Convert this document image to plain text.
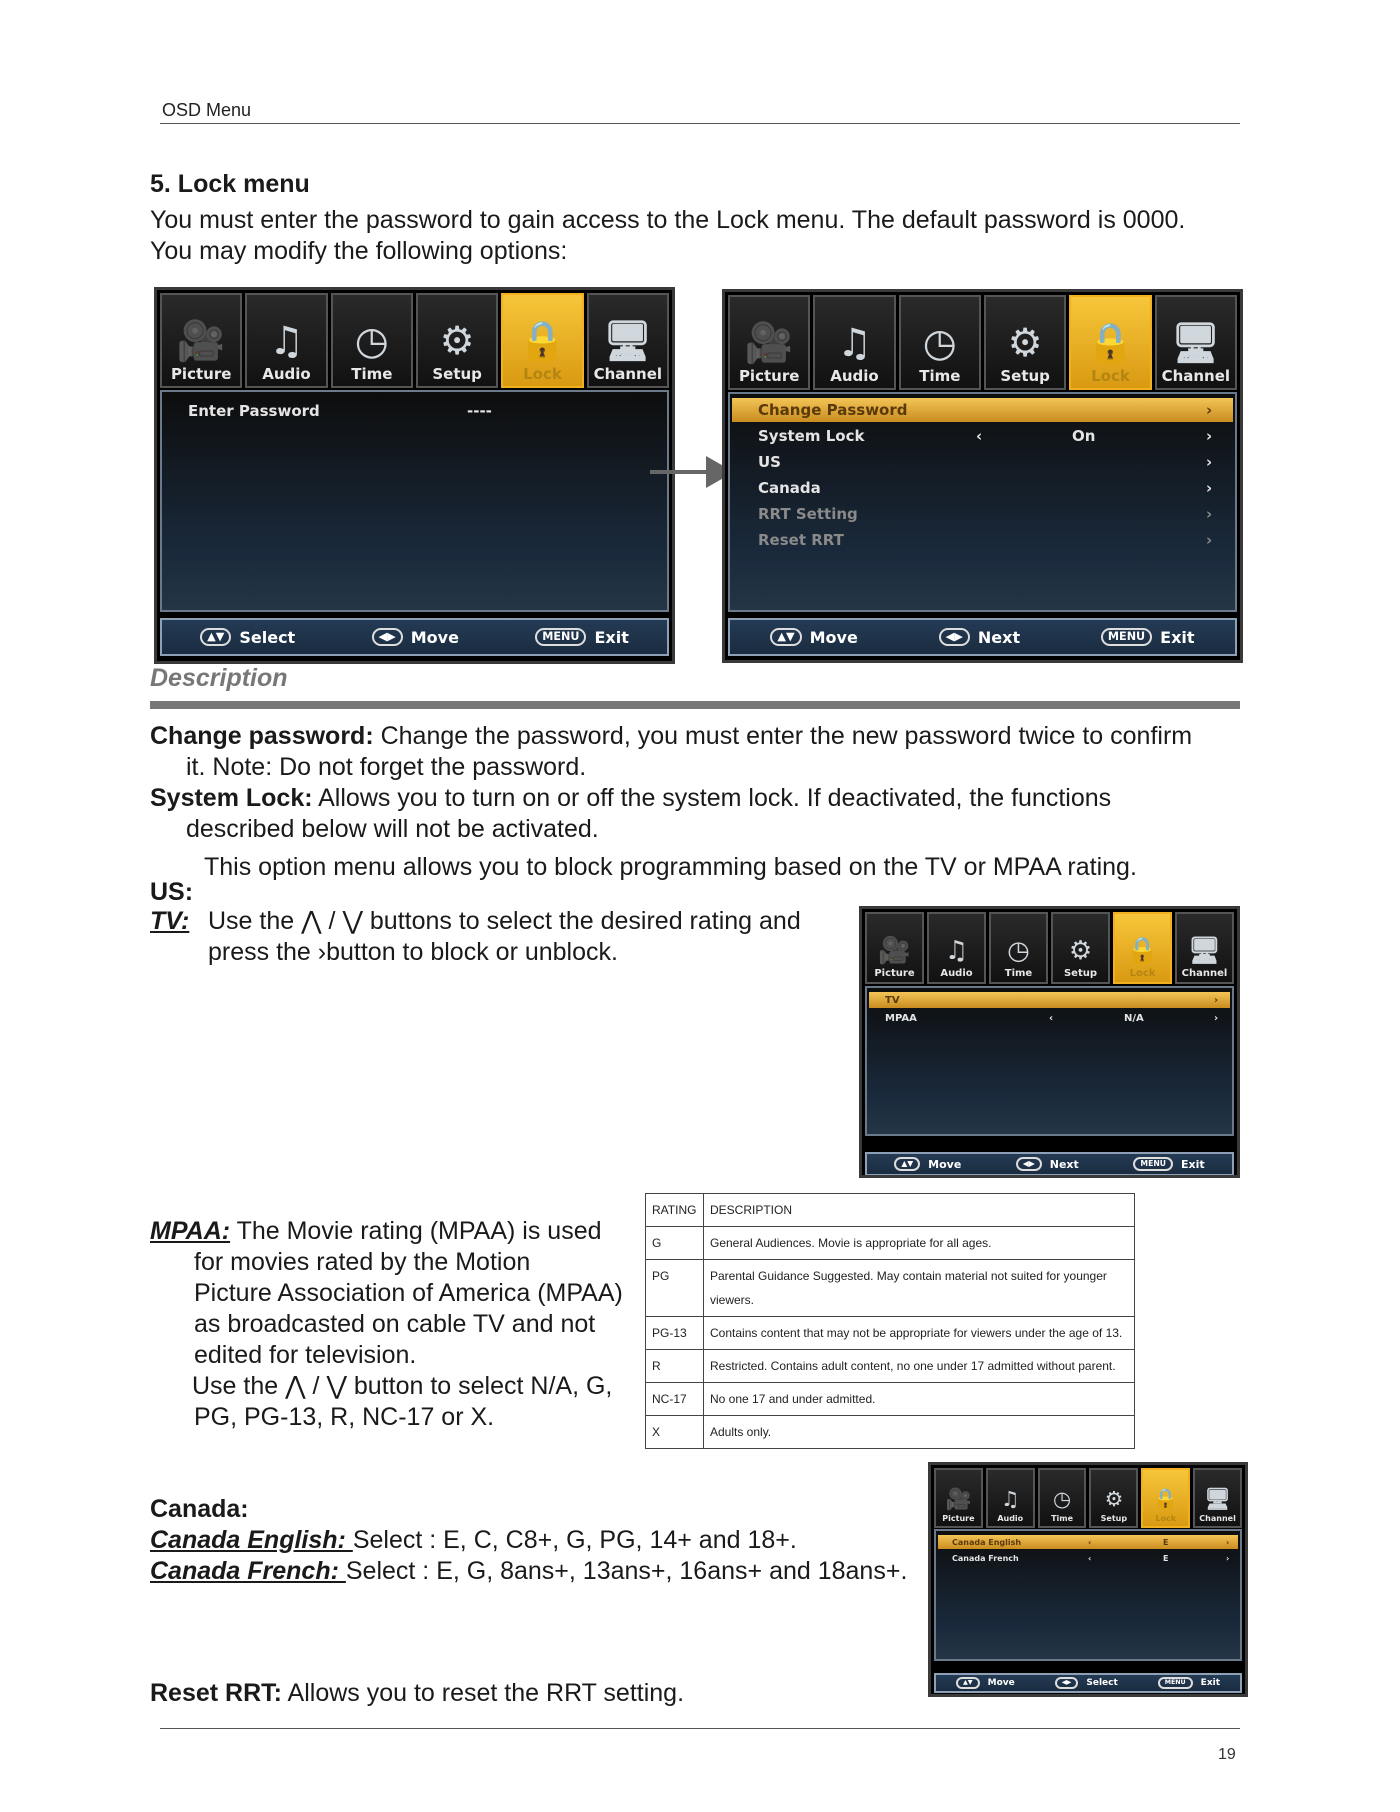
OSD Menu
5. Lock menu
You must enter the password to gain access to the Lock menu. The default password is 0000.
You may modify the following options:
🎥
Picture
♫
Audio
◷
Time
⚙
Setup
🔒
Lock
🖥
Channel
Enter Password	----
▲▼ Select	◀▶ Move	MENU Exit
🎥
Picture
♫
Audio
◷
Time
⚙
Setup
🔒
Lock
🖥
Channel
Change Password	›
System Lock	‹	On	›
US	›
Canada	›
RRT Setting	›
Reset RRT	›
▲▼ Move	◀▶ Next	MENU Exit
Description
Change password: Change the password, you must enter the new password twice to confirm
it. Note: Do not forget the password.
System Lock: Allows you to turn on or off the system lock. If deactivated, the functions
described below will not be activated.
This option menu allows you to block programming based on the TV or MPAA rating.
US:
TV: Use the ⋀ / ⋁ buttons to select the desired rating and
press the ›button to block or unblock.	🎥
Picture
♫
Audio
◷
Time
⚙
Setup
🔒
Lock
🖥
Channel
TV	›
MPAA	‹	N/A	›
▲▼	Move	◀▶	Next	MENU	Exit
MPAA: The Movie rating (MPAA) is used
for movies rated by the Motion
Picture Association of America (MPAA)
as broadcasted on cable TV and not
edited for television.
Use the ⋀ / ⋁ button to select N/A, G,
PG, PG-13, R, NC-17 or X.
RATING	DESCRIPTION
G	General Audiences. Movie is appropriate for all ages.
PG	Parental Guidance Suggested. May contain material not suited for younger viewers.
PG-13	Contains content that may not be appropriate for viewers under the age of 13.
R	Restricted. Contains adult content, no one under 17 admitted without parent.
NC-17	No one 17 and under admitted.
X	Adults only.
Canada:
Canada English: Select : E, C, C8+, G, PG, 14+ and 18+.
Canada French: Select : E, G, 8ans+, 13ans+, 16ans+ and 18ans+.
🎥
Picture
♫
Audio
◷
Time
⚙
Setup
🔒
Lock
🖥
Channel
Canada English	‹	E	›
Canada French	‹	E	›
▲▼	Move	◀▶	Select	MENU	Exit
Reset RRT: Allows you to reset the RRT setting.
19
